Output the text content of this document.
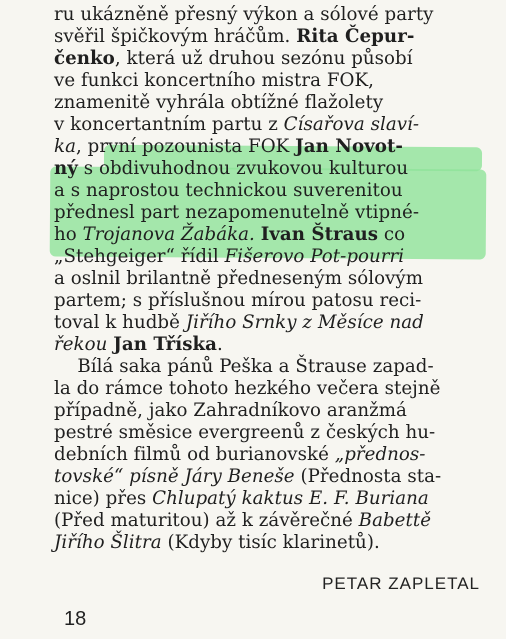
ru ukázněně přesný výkon a sólové party
svěřil špičkovým hráčům. Rita Čepur-
čenko, která už druhou sezónu působí
ve funkci koncertního mistra FOK,
znamenitě vyhrála obtížné flažolety
v koncertantním partu z Císařova slaví-
ka, první pozounista FOK Jan Novot-
ný s obdivuhodnou zvukovou kulturou
a s naprostou technickou suverenitou
přednesl part nezapomenutelně vtipné-
ho Trojanova Žabáka. Ivan Štraus co
„Stehgeiger“ řídil Fišerovo Pot-pourri
a oslnil brilantně předneseným sólovým
partem; s příslušnou mírou patosu reci-
toval k hudbě Jiřího Srnky z Měsíce nad
řekou Jan Tříska.
Bílá saka pánů Peška a Štrause zapad-
la do rámce tohoto hezkého večera stejně
případně, jako Zahradníkovo aranžmá
pestré směsice evergreenů z českých hu-
debních filmů od burianovské „přednos-
tovské“ písně Járy Beneše (Přednosta sta-
nice) přes Chlupatý kaktus E. F. Buriana
(Před maturitou) až k závěrečné Babettě
Jiřího Šlitra (Kdyby tisíc klarinetů).
PETAR ZAPLETAL
18
